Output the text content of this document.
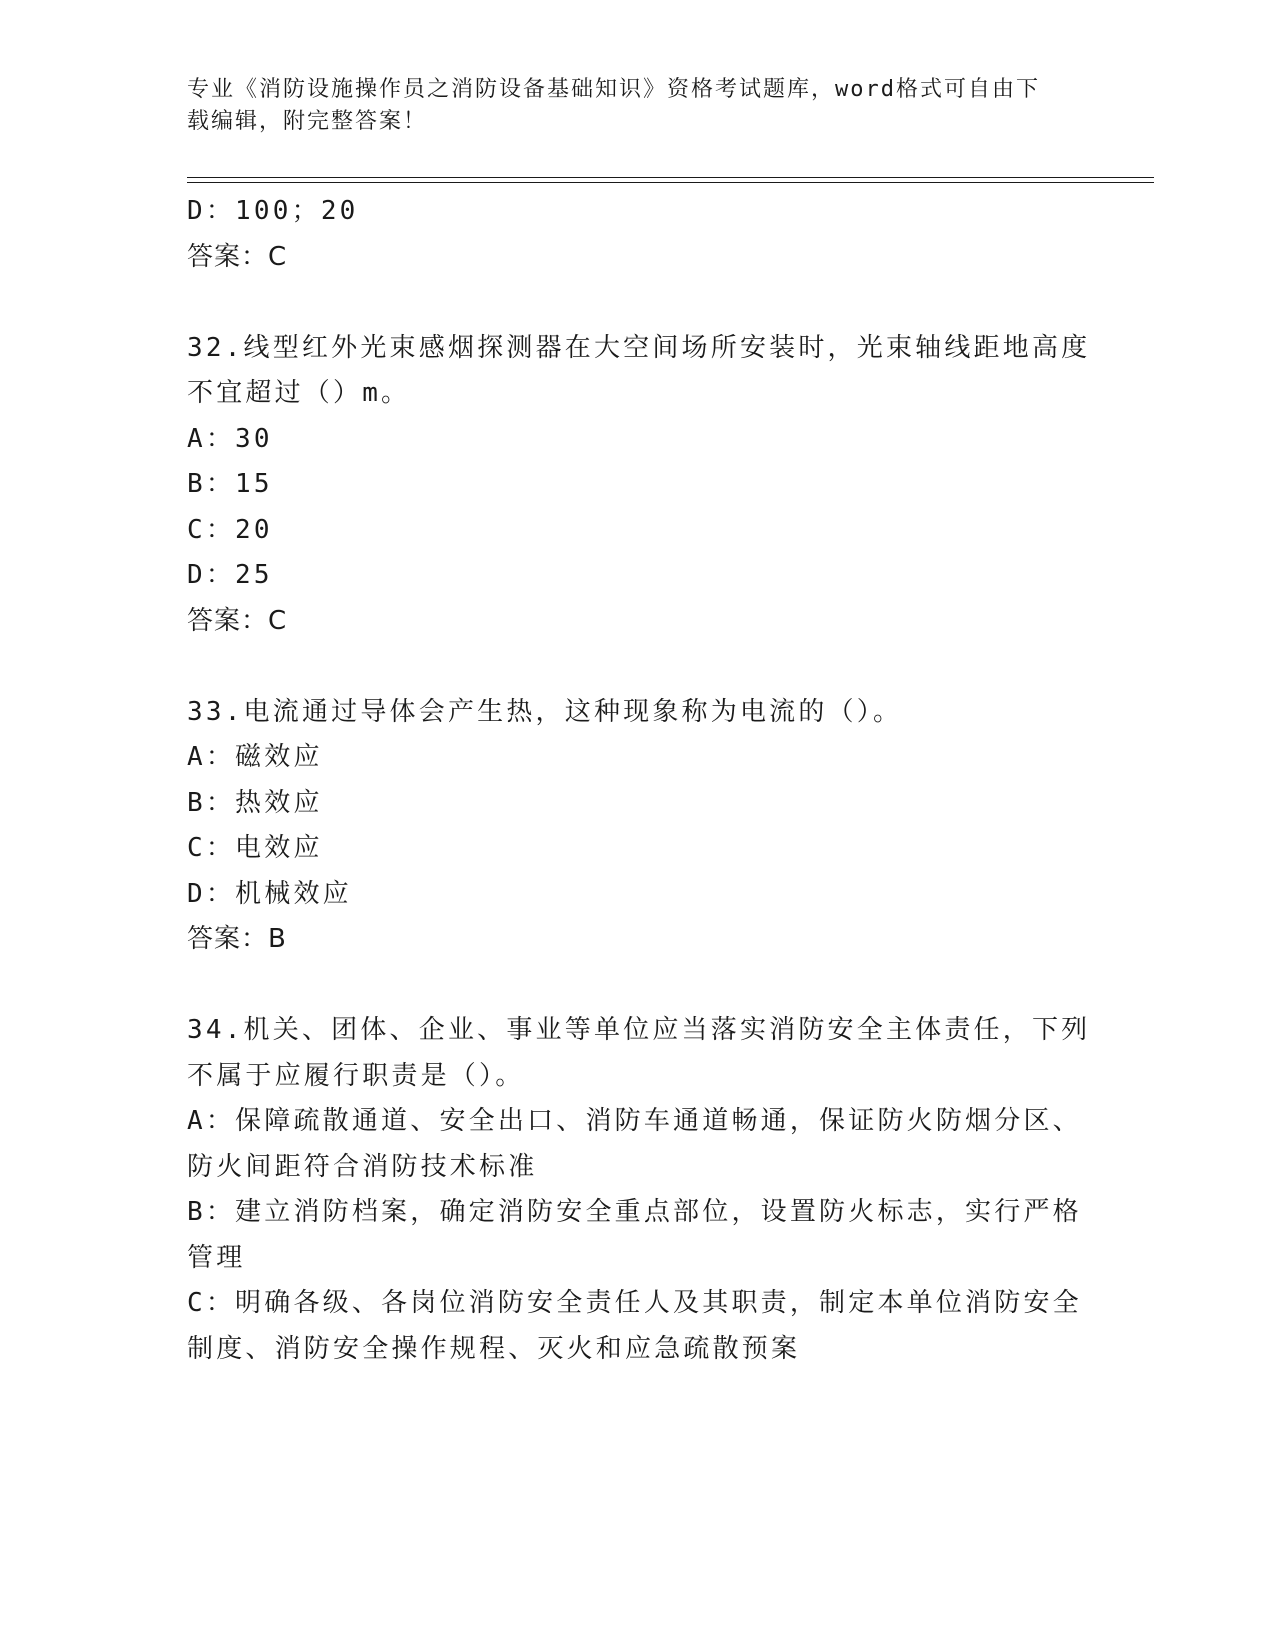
专业《消防设施操作员之消防设备基础知识》资格考试题库，word格式可自由下
载编辑，附完整答案！
D：100；20
答案：C
32.线型红外光束感烟探测器在大空间场所安装时，光束轴线距地高度
不宜超过（）m。
A：30
B：15
C：20
D：25
答案：C
33.电流通过导体会产生热，这种现象称为电流的（）。
A：磁效应
B：热效应
C：电效应
D：机械效应
答案：B
34.机关、团体、企业、事业等单位应当落实消防安全主体责任，下列
不属于应履行职责是（）。
A：保障疏散通道、安全出口、消防车通道畅通，保证防火防烟分区、
防火间距符合消防技术标准
B：建立消防档案，确定消防安全重点部位，设置防火标志，实行严格
管理
C：明确各级、各岗位消防安全责任人及其职责，制定本单位消防安全
制度、消防安全操作规程、灭火和应急疏散预案
